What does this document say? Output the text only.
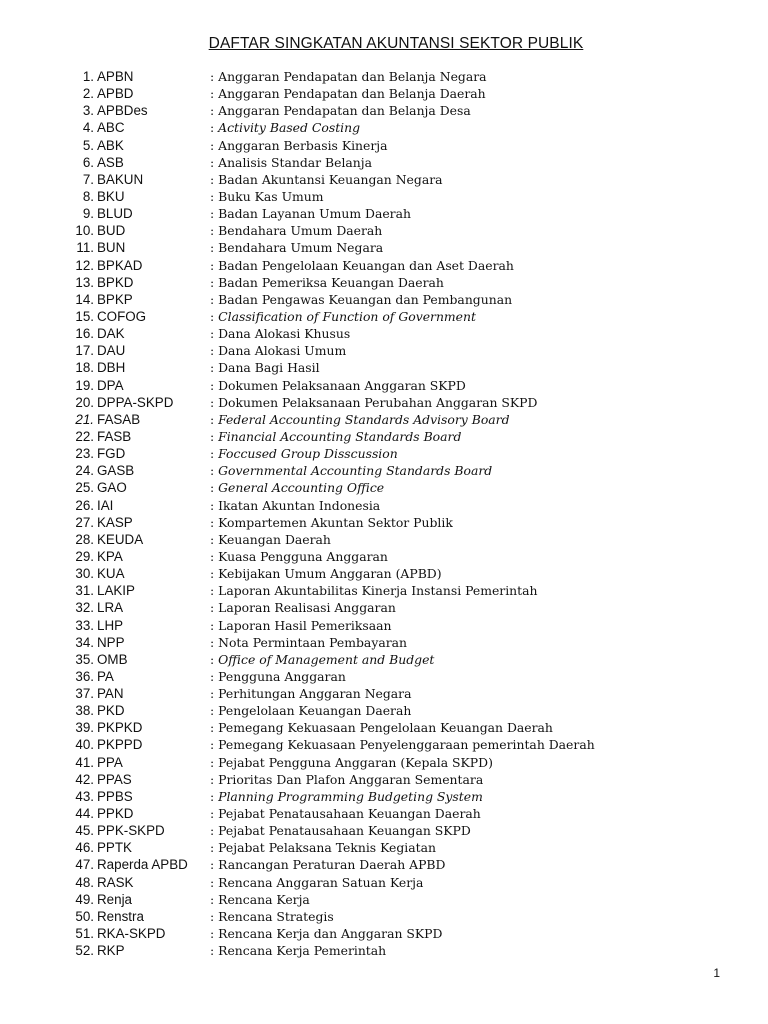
DAFTAR SINGKATAN AKUNTANSI SEKTOR PUBLIK
1. APBN	: Anggaran Pendapatan dan Belanja Negara
2. APBD	: Anggaran Pendapatan dan Belanja Daerah
3. APBDes	: Anggaran Pendapatan dan Belanja Desa
4. ABC	: Activity Based Costing
5. ABK	: Anggaran Berbasis Kinerja
6. ASB	: Analisis Standar Belanja
7. BAKUN	: Badan Akuntansi Keuangan Negara
8. BKU	: Buku Kas Umum
9. BLUD	: Badan Layanan Umum Daerah
10. BUD	: Bendahara Umum Daerah
11. BUN	: Bendahara Umum Negara
12. BPKAD	: Badan Pengelolaan Keuangan dan Aset Daerah
13. BPKD	: Badan Pemeriksa Keuangan Daerah
14. BPKP	: Badan Pengawas Keuangan dan Pembangunan
15. COFOG	: Classification of Function of Government
16. DAK	: Dana Alokasi Khusus
17. DAU	: Dana Alokasi Umum
18. DBH	: Dana Bagi Hasil
19. DPA	: Dokumen Pelaksanaan Anggaran SKPD
20. DPPA-SKPD	: Dokumen Pelaksanaan Perubahan Anggaran SKPD
21. FASAB	: Federal Accounting Standards Advisory Board
22. FASB	: Financial Accounting Standards Board
23. FGD	: Foccused Group Disscussion
24. GASB	: Governmental Accounting Standards Board
25. GAO	: General Accounting Office
26. IAI	: Ikatan Akuntan Indonesia
27. KASP	: Kompartemen Akuntan Sektor Publik
28. KEUDA	: Keuangan Daerah
29. KPA	: Kuasa Pengguna Anggaran
30. KUA	: Kebijakan Umum Anggaran (APBD)
31. LAKIP	: Laporan Akuntabilitas Kinerja Instansi Pemerintah
32. LRA	: Laporan Realisasi Anggaran
33. LHP	: Laporan Hasil Pemeriksaan
34. NPP	: Nota Permintaan Pembayaran
35. OMB	: Office of Management and Budget
36. PA	: Pengguna Anggaran
37. PAN	: Perhitungan Anggaran Negara
38. PKD	: Pengelolaan Keuangan Daerah
39. PKPKD	: Pemegang Kekuasaan Pengelolaan Keuangan Daerah
40. PKPPD	: Pemegang Kekuasaan Penyelenggaraan pemerintah Daerah
41. PPA	: Pejabat Pengguna Anggaran (Kepala SKPD)
42. PPAS	: Prioritas Dan Plafon Anggaran Sementara
43. PPBS	: Planning Programming Budgeting System
44. PPKD	: Pejabat Penatausahaan Keuangan Daerah
45. PPK-SKPD	: Pejabat Penatausahaan Keuangan SKPD
46. PPTK	: Pejabat Pelaksana Teknis Kegiatan
47. Raperda APBD : Rancangan Peraturan Daerah APBD
48. RASK	: Rencana Anggaran Satuan Kerja
49. Renja	: Rencana Kerja
50. Renstra	: Rencana Strategis
51. RKA-SKPD	: Rencana Kerja dan Anggaran SKPD
52. RKP	: Rencana Kerja Pemerintah
1
